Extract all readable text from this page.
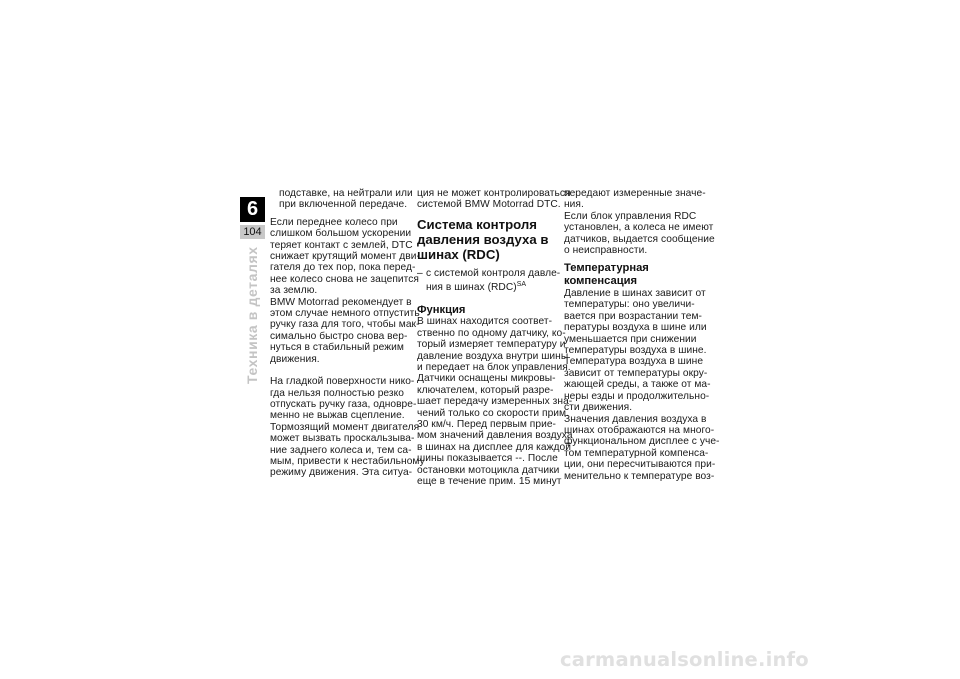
6
104
Техника в деталях
подставке, на нейтрали или
при включенной передаче.
Если переднее колесо при
слишком большом ускорении
теряет контакт с землей, DTC
снижает крутящий момент дви-
гателя до тех пор, пока перед-
нее колесо снова не зацепится
за землю.
BMW Motorrad рекомендует в
этом случае немного отпустить
ручку газа для того, чтобы мак-
симально быстро снова вер-
нуться в стабильный режим
движения.
На гладкой поверхности нико-
гда нельзя полностью резко
отпускать ручку газа, одновре-
менно не выжав сцепление.
Тормозящий момент двигателя
может вызвать проскальзыва-
ние заднего колеса и, тем са-
мым, привести к нестабильному
режиму движения. Эта ситуа-
ция не может контролироваться
системой BMW Motorrad DTC.
Система контроля
давления воздуха в
шинах (RDC)
– с системой контроля давле-
ния в шинах (RDC)$^{SA}$
Функция
В шинах находится соответ-
ственно по одному датчику, ко-
торый измеряет температуру и
давление воздуха внутри шины
и передает на блок управления.
Датчики оснащены микровы-
ключателем, который разре-
шает передачу измеренных зна-
чений только со скорости прим.
30 км/ч. Перед первым прие-
мом значений давления воздуха
в шинах на дисплее для каждой
шины показывается --. После
остановки мотоцикла датчики
еще в течение прим. 15 минут
передают измеренные значе-
ния.
Если блок управления RDC
установлен, а колеса не имеют
датчиков, выдается сообщение
о неисправности.
Температурная
компенсация
Давление в шинах зависит от
температуры: оно увеличи-
вается при возрастании тем-
пературы воздуха в шине или
уменьшается при снижении
температуры воздуха в шине.
Температура воздуха в шине
зависит от температуры окру-
жающей среды, а также от ма-
неры езды и продолжительно-
сти движения.
Значения давления воздуха в
шинах отображаются на много-
функциональном дисплее с уче-
том температурной компенса-
ции, они пересчитываются при-
менительно к температуре воз-
carmanualsonline.info
